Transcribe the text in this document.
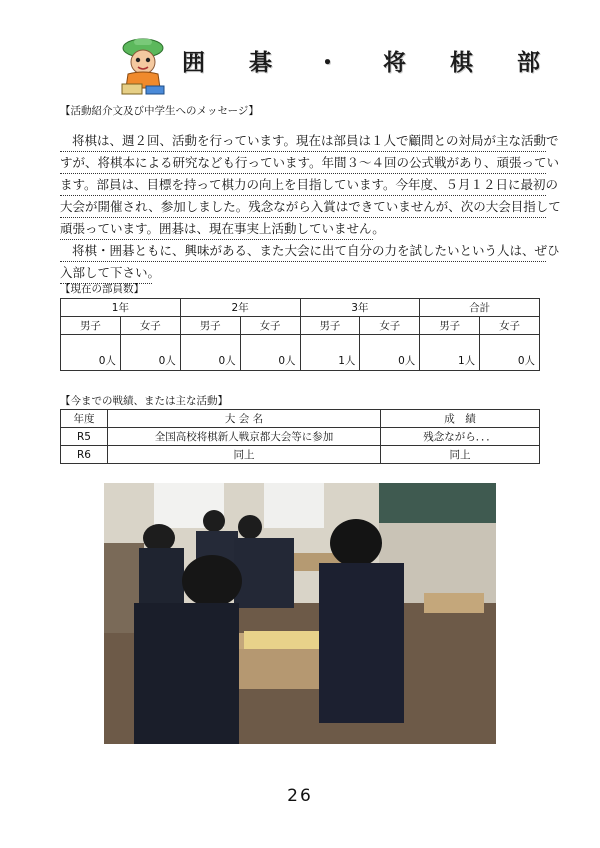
囲 碁 ・ 将 棋 部
【活動紹介文及び中学生へのメッセージ】
将棋は、週２回、活動を行っています。現在は部員は１人で顧問との対局が主な活動で
すが、将棋本による研究なども行っています。年間３～４回の公式戦があり、頑張ってい
ます。部員は、目標を持って棋力の向上を目指しています。今年度、５月１２日に最初の
大会が開催され、参加しました。残念ながら入賞はできていませんが、次の大会目指して
頑張っています。囲碁は、現在事実上活動していません。
将棋・囲碁ともに、興味がある、また大会に出て自分の力を試したいという人は、ぜひ
入部して下さい。
【現在の部員数】
1年		2年		3年		合計	
男子	女子	男子	女子	男子	女子	男子	女子
0人	0人	0人	0人	1人	0人	1人	0人
【今までの戦績、または主な活動】
年度	大 会 名	成　績
R5	全国高校将棋新人戦京都大会等に参加	残念ながら．．．
R6	同上	同上
26
